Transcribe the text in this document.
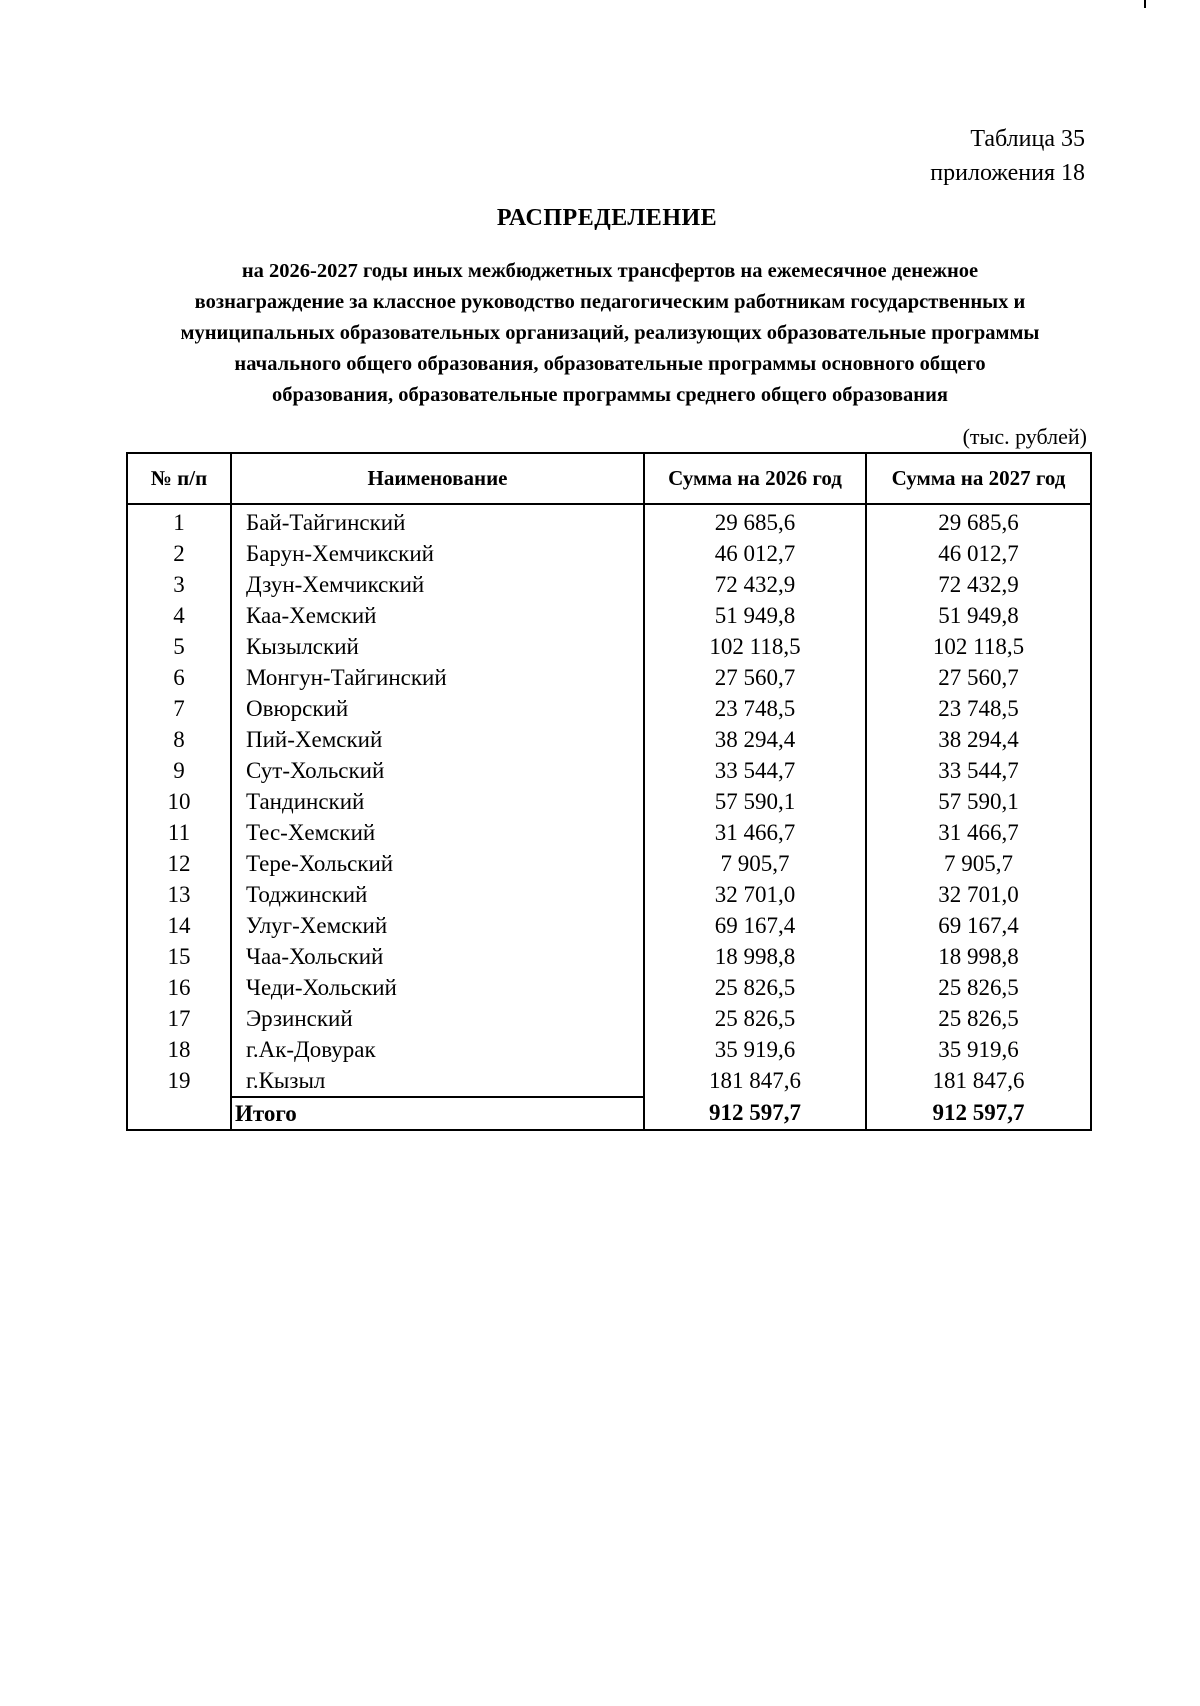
Таблица 35
приложения 18
РАСПРЕДЕЛЕНИЕ
на 2026-2027 годы иных межбюджетных трансфертов на ежемесячное денежное
вознаграждение за классное руководство педагогическим работникам государственных и
муниципальных образовательных организаций, реализующих образовательные программы
начального общего образования, образовательные программы основного общего
образования, образовательные программы среднего общего образования
(тыс. рублей)
№ п/п	Наименование	Сумма на 2026 год	Сумма на 2027 год
1	Бай-Тайгинский	29 685,6	29 685,6
2	Барун-Хемчикский	46 012,7	46 012,7
3	Дзун-Хемчикский	72 432,9	72 432,9
4	Каа-Хемский	51 949,8	51 949,8
5	Кызылский	102 118,5	102 118,5
6	Монгун-Тайгинский	27 560,7	27 560,7
7	Овюрский	23 748,5	23 748,5
8	Пий-Хемский	38 294,4	38 294,4
9	Сут-Хольский	33 544,7	33 544,7
10	Тандинский	57 590,1	57 590,1
11	Тес-Хемский	31 466,7	31 466,7
12	Тере-Хольский	7 905,7	7 905,7
13	Тоджинский	32 701,0	32 701,0
14	Улуг-Хемский	69 167,4	69 167,4
15	Чаа-Хольский	18 998,8	18 998,8
16	Чеди-Хольский	25 826,5	25 826,5
17	Эрзинский	25 826,5	25 826,5
18	г.Ак-Довурак	35 919,6	35 919,6
19	г.Кызыл	181 847,6	181 847,6
	Итого	912 597,7	912 597,7
